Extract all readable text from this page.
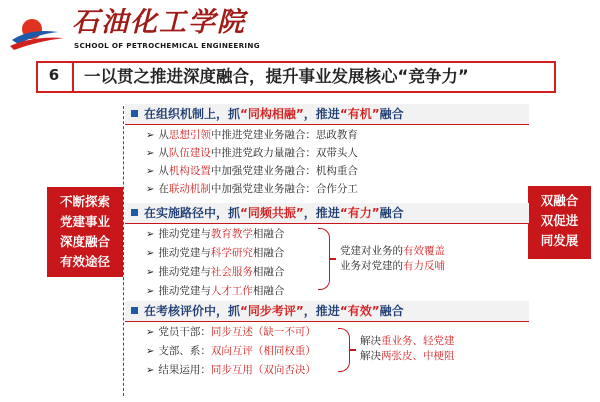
石油化工学院
SCHOOL OF PETROCHEMICAL ENGINEERING
6	一以贯之推进深度融合，提升事业发展核心“竞争力”
不断探索
党建事业
深度融合
有效途径
双融合
双促进
同发展
在组织机制上，抓“同构相融”，推进“有机”融合
➢ 从思想引领中推进党建业务融合：思政教育
➢ 从队伍建设中推进党政力量融合：双带头人
➢ 从机构设置中加强党建业务融合：机构重合
➢ 在联动机制中加强党建业务融合：合作分工
在实施路径中，抓“同频共振”，推进“有力”融合
➢ 推动党建与教育教学相融合
➢ 推动党建与科学研究相融合
➢ 推动党建与社会服务相融合
➢ 推动党建与人才工作相融合
党建对业务的有效覆盖
业务对党建的有力反哺
在考核评价中，抓“同步考评”，推进“有效”融合
➢ 党员干部：同步互述（缺一不可）
➢ 支部、系：双向互评（相同权重）
➢ 结果运用：同步互用（双向否决）
解决重业务、轻党建
解决两张皮、中梗阻
